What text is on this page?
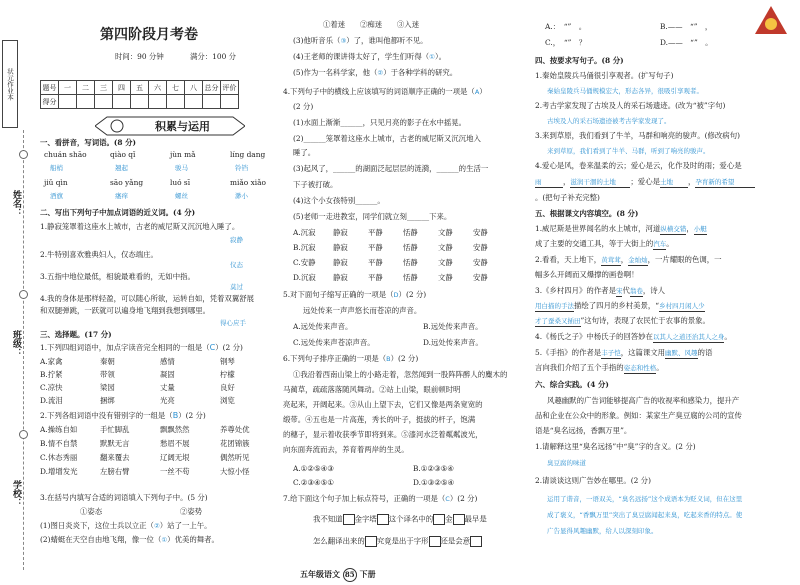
状元作业本
姓名：
班级：
学校：
第四阶段月考卷
时间：90 分钟	满分：100 分
题号	一	二	三	四	五	六	七	八	总分	评价
得分										
积累与运用
一、看拼音，写词语。(8 分)
chuán shāo	qiào qǐ	jùn mǎ	líng dang
船梢	翘起	骏马	铃铛
jiǔ qìn	sāo yǎng	luó sī	miǎo xiǎo
酒旗	瘙痒	螺丝	渺小
二、写出下列句子中加点词语的近义词。(4 分)
1.静寂笼罩着这座水上城市，古老的威尼斯又沉沉地入睡了。
寂静
2.牛特别喜欢雅典妇人，仅态端庄。
仪态
3.五指中地位最低，相貌最难看的，无如中指。
莫过
4.我的身体是那样轻盈，可以随心所欲，运转自如，凭着双翼舒展
和双腿弹跳，一跃就可以遍身地飞翔到我想到哪里。
得心应手
三、选择题。(17 分)
1.下列四组词语中，加点字读音完全相同的一组是（C）(2 分)
A.家禽	秦朝	感情	钢琴
B.拧紧	带领	凝固	柠檬
C.凉快	梁园	丈量	良好
D.流泪	捆绑	光亮	浏览
2.下列各组词语中没有错别字的一组是（B）(2 分)
A.操练自如	手忙脚乱	飘飘然然	养尊处优
B.情不自禁	默默无言	愁眉不展	花团锦簇
C.休态秀丽	翻来覆去	辽阔无垠	偶然听见
D.增增发光	左膀右臂	一丝不苟	大惊小怪
3.在括号内填写合适的词语填入下列句子中。(5 分)
①姿态	②姿势
(1)图日炎炎下，这位士兵以立正（②）站了一上午。
(2)蜻蜓在天空自由地飞翔，像一位（①）优美的舞者。
①着迷　　②痴迷　　③入迷
(3)他听音乐（③）了，谁叫他都听不见。
(4)王老师的课讲得太好了，学生们听得（①）。
(5)作为一名科学家，他（②）于各种学科的研究。
4.下列句子中的横线上应该填写的词语顺序正确的一项是（A）
(2 分)
(1)水面上渐渐______，只见月亮的影子在水中摇晃。
(2)______笼罩着这座水上城市，古老的威尼斯又沉沉地入
睡了。
(3)起风了，______的湖面泛起层层的涟漪，______的生活一
下子被打破。
(4)这个小女孩特别______。
(5)老师一走进教室，同学们就立刻______下来。
A.沉寂 静寂	平静	恬静	文静	安静
B.沉寂 静寂	平静	恬静	文静	安静
C.安静 静寂	平静	恬静	文静	安静
D.沉寂 静寂	平静	恬静	文静	安静
5.对下面句子缩写正确的一项是（D）(2 分)
远处传来一声声悠长而苍凉的声音。
A.远处传来声音。	B.远处传来声音。
C.远处传来声苍凉声音。	D.远处传来声音。
6.下列句子排序正确的一项是（B）(2 分)
①我沿着西南山梁上的小路走着，忽然闻到一股阵阵醉人的麋木的
马蔺草，疏疏落落随风舞动。②站上山梁，眼前顿时明
亮起来，开阔起来。③从山上望下去，它们又像是两条宽宽的
缎带。④五也是一片高莲，秀长的叶子，挺拔的杆子，饱满
的穗子，显示着收获季节即将到来。⑤漆河水泛着粼粼波光，
向东面奔流而去，养育着两岸的生灵。
A.①②⑤④③	B.①②③⑤④
C.②③④⑤①	D.①③②⑤④
7.给下面这个句子加上标点符号，正确的一项是（C）(2 分)
我不知道 金字塔 这个译名中的 金 最早是
怎么翻译出来的 究竟是出于字形 还是会意
A.：　“”　。	B.——　“”　，
C.，　“”　？	D.——　“”　。
四、按要求写句子。(8 分)
1.秦始皇陵兵马俑很引享观者。(扩写句子)
秦始皇陵兵马俑规模宏大，形态各异，很吸引享观者。
2.考古学家发现了古埃及人的采石场遗迹。(改为“被”字句)
古埃及人的采石场遗迹被考古学家发现了。
3.来到草原，我们看到了牛羊，马群和响亮的骏声。(修改病句)
来到草原，我们看到了牛羊、马群，听到了响亮的骏声。
4.爱心是风，卷来温柔的云；爱心是云，化作及时的雨；爱心是
雨	，滋润干涸的土地 ；爱心是土地 ，孕育新的希望
。(把句子补充完整)
五、根据课文内容填空。(8 分)
1.威尼斯是世界闻名的水上城市，河道纵横交错，小艇
成了主要的交通工具，等于大街上的汽车。
2.看看，天上地下，黄茸茸，金灿灿，一片耀眼的色调，一
幅多么开阔而又爆撑的画卷啊！
3.《乡村四月》的作者是宋代翁卷，诗人
用白描的手法描绘了四月的乡村美景，“乡村四月闲人少
才了蚕桑又插田”这句诗，表现了农民忙于农事的景象。
4.《杨氏之子》中杨氏子的回答妙在以其人之道还治其人之身。
5.《手指》的作者是丰子恺，这篇课文用幽默、风趣的语
言向我们介绍了五个手指的姿态和性格。
六、综合实践。(4 分)
风趣幽默的广告词能够提高广告的收视率和感染力，提升产
品和企业在公众中的形象。例如：某家生产臭豆腐的公司的宣传
语是“臭名远扬，香飘万里”。
1.请解释这里“臭名远扬”中“臭”字的含义。(2 分)
臭豆腐的味道
2.请谈谈这则广告妙在哪里。(2 分)
运用了谐音，一语双关，“臭名远扬”这个成语本为贬义词，但在这里
成了褒义，“香飘万里”突出了臭豆腐闻起来臭，吃起来香的特点。使
广告显得风趣幽默，给人以深刻印象。
五年级语文 85 下册
